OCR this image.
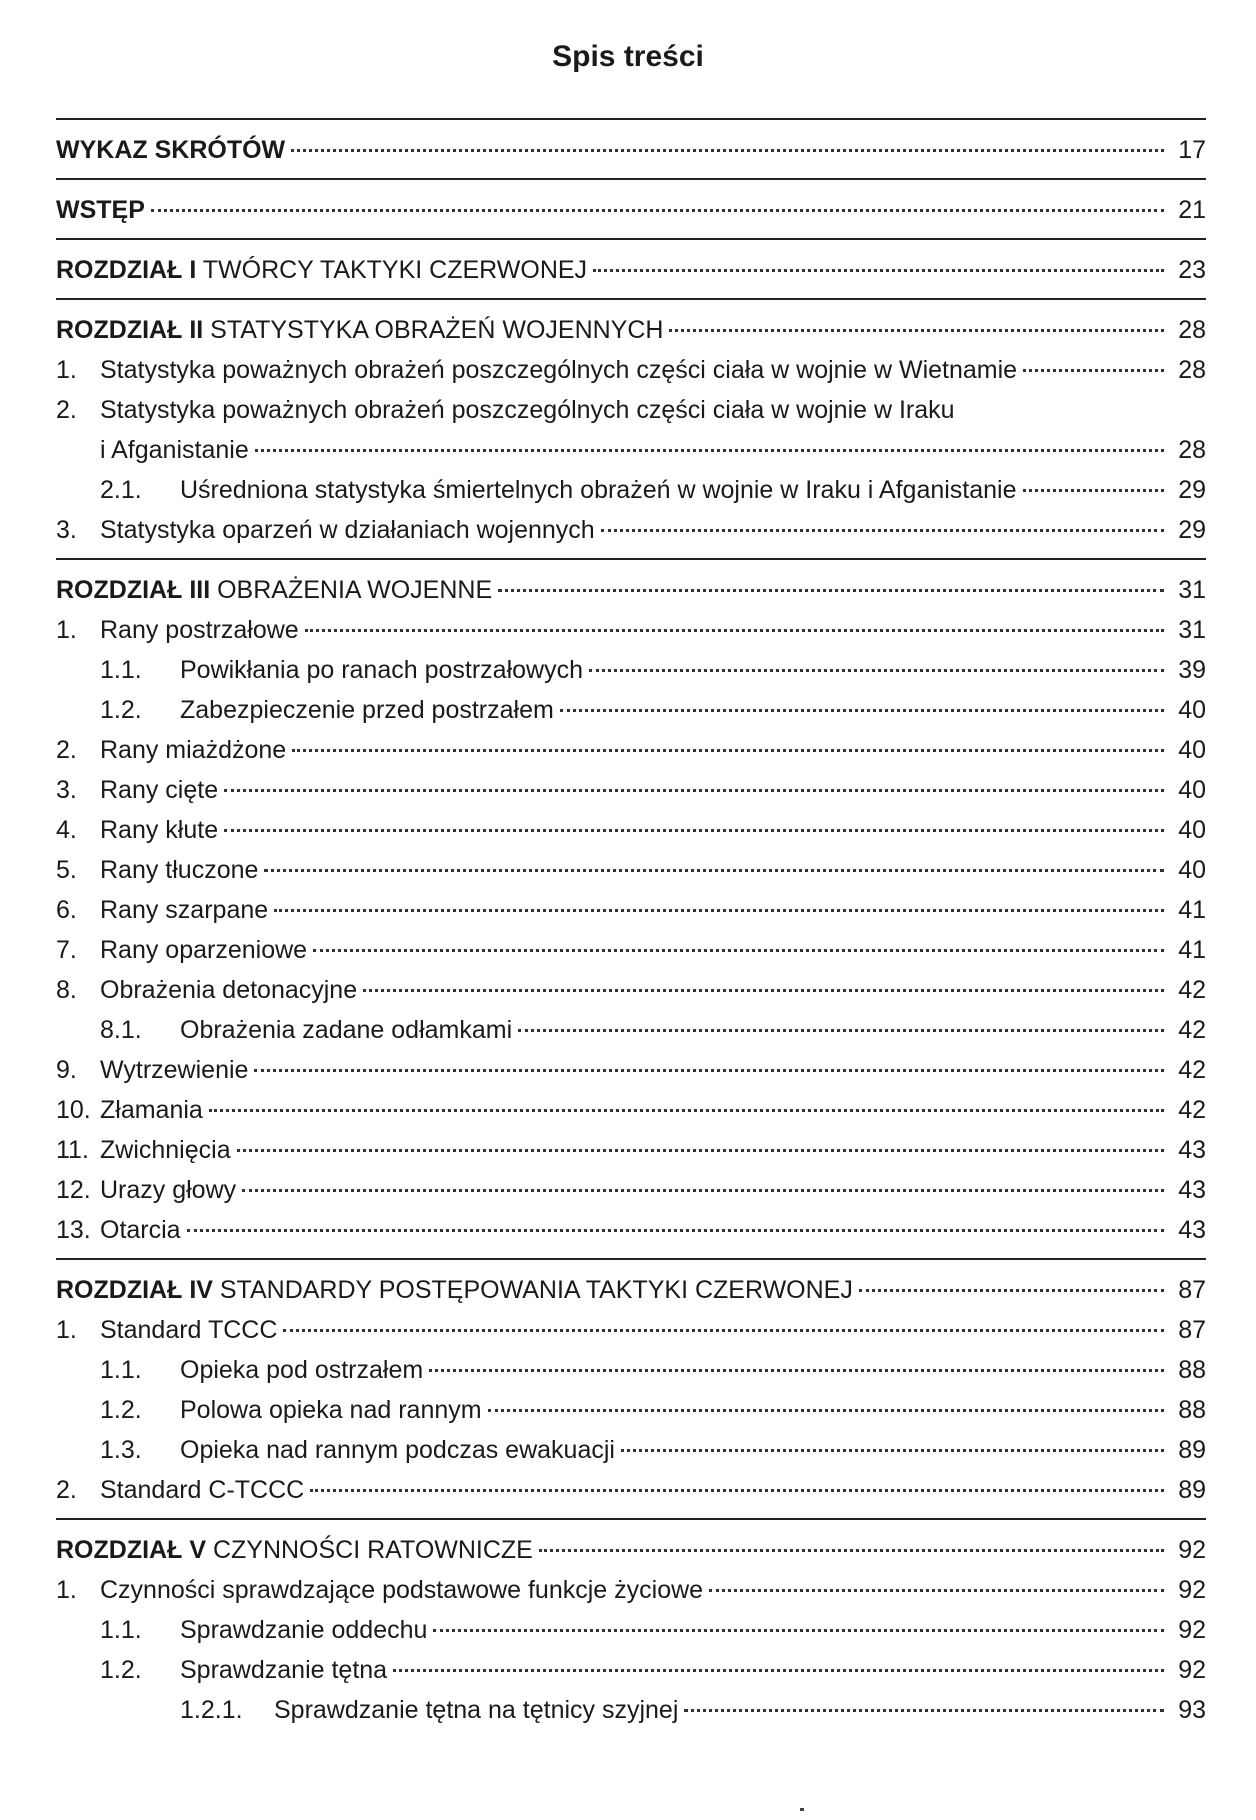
Spis treści
WYKAZ SKRÓTÓW	17
WSTĘP	21
ROZDZIAŁ I TWÓRCY TAKTYKI CZERWONEJ	23
ROZDZIAŁ II STATYSTYKA OBRAŻEŃ WOJENNYCH	28
1. Statystyka poważnych obrażeń poszczególnych części ciała w wojnie w Wietnamie	28
2. Statystyka poważnych obrażeń poszczególnych części ciała w wojnie w Iraku
i Afganistanie	28
2.1.	Uśredniona statystyka śmiertelnych obrażeń w wojnie w Iraku i Afganistanie	29
3. Statystyka oparzeń w działaniach wojennych	29
ROZDZIAŁ III OBRAŻENIA WOJENNE	31
1. Rany postrzałowe	31
1.1.	Powikłania po ranach postrzałowych	39
1.2.	Zabezpieczenie przed postrzałem	40
2. Rany miażdżone	40
3. Rany cięte	40
4. Rany kłute	40
5. Rany tłuczone	40
6. Rany szarpane	41
7. Rany oparzeniowe	41
8. Obrażenia detonacyjne	42
8.1.	Obrażenia zadane odłamkami	42
9. Wytrzewienie	42
10. Złamania	42
11. Zwichnięcia	43
12. Urazy głowy	43
13. Otarcia	43
ROZDZIAŁ IV STANDARDY POSTĘPOWANIA TAKTYKI CZERWONEJ	87
1. Standard TCCC	87
1.1.	Opieka pod ostrzałem	88
1.2.	Polowa opieka nad rannym	88
1.3.	Opieka nad rannym podczas ewakuacji	89
2. Standard C-TCCC	89
ROZDZIAŁ V CZYNNOŚCI RATOWNICZE	92
1. Czynności sprawdzające podstawowe funkcje życiowe	92
1.1.	Sprawdzanie oddechu	92
1.2.	Sprawdzanie tętna	92
1.2.1.	Sprawdzanie tętna na tętnicy szyjnej	93
